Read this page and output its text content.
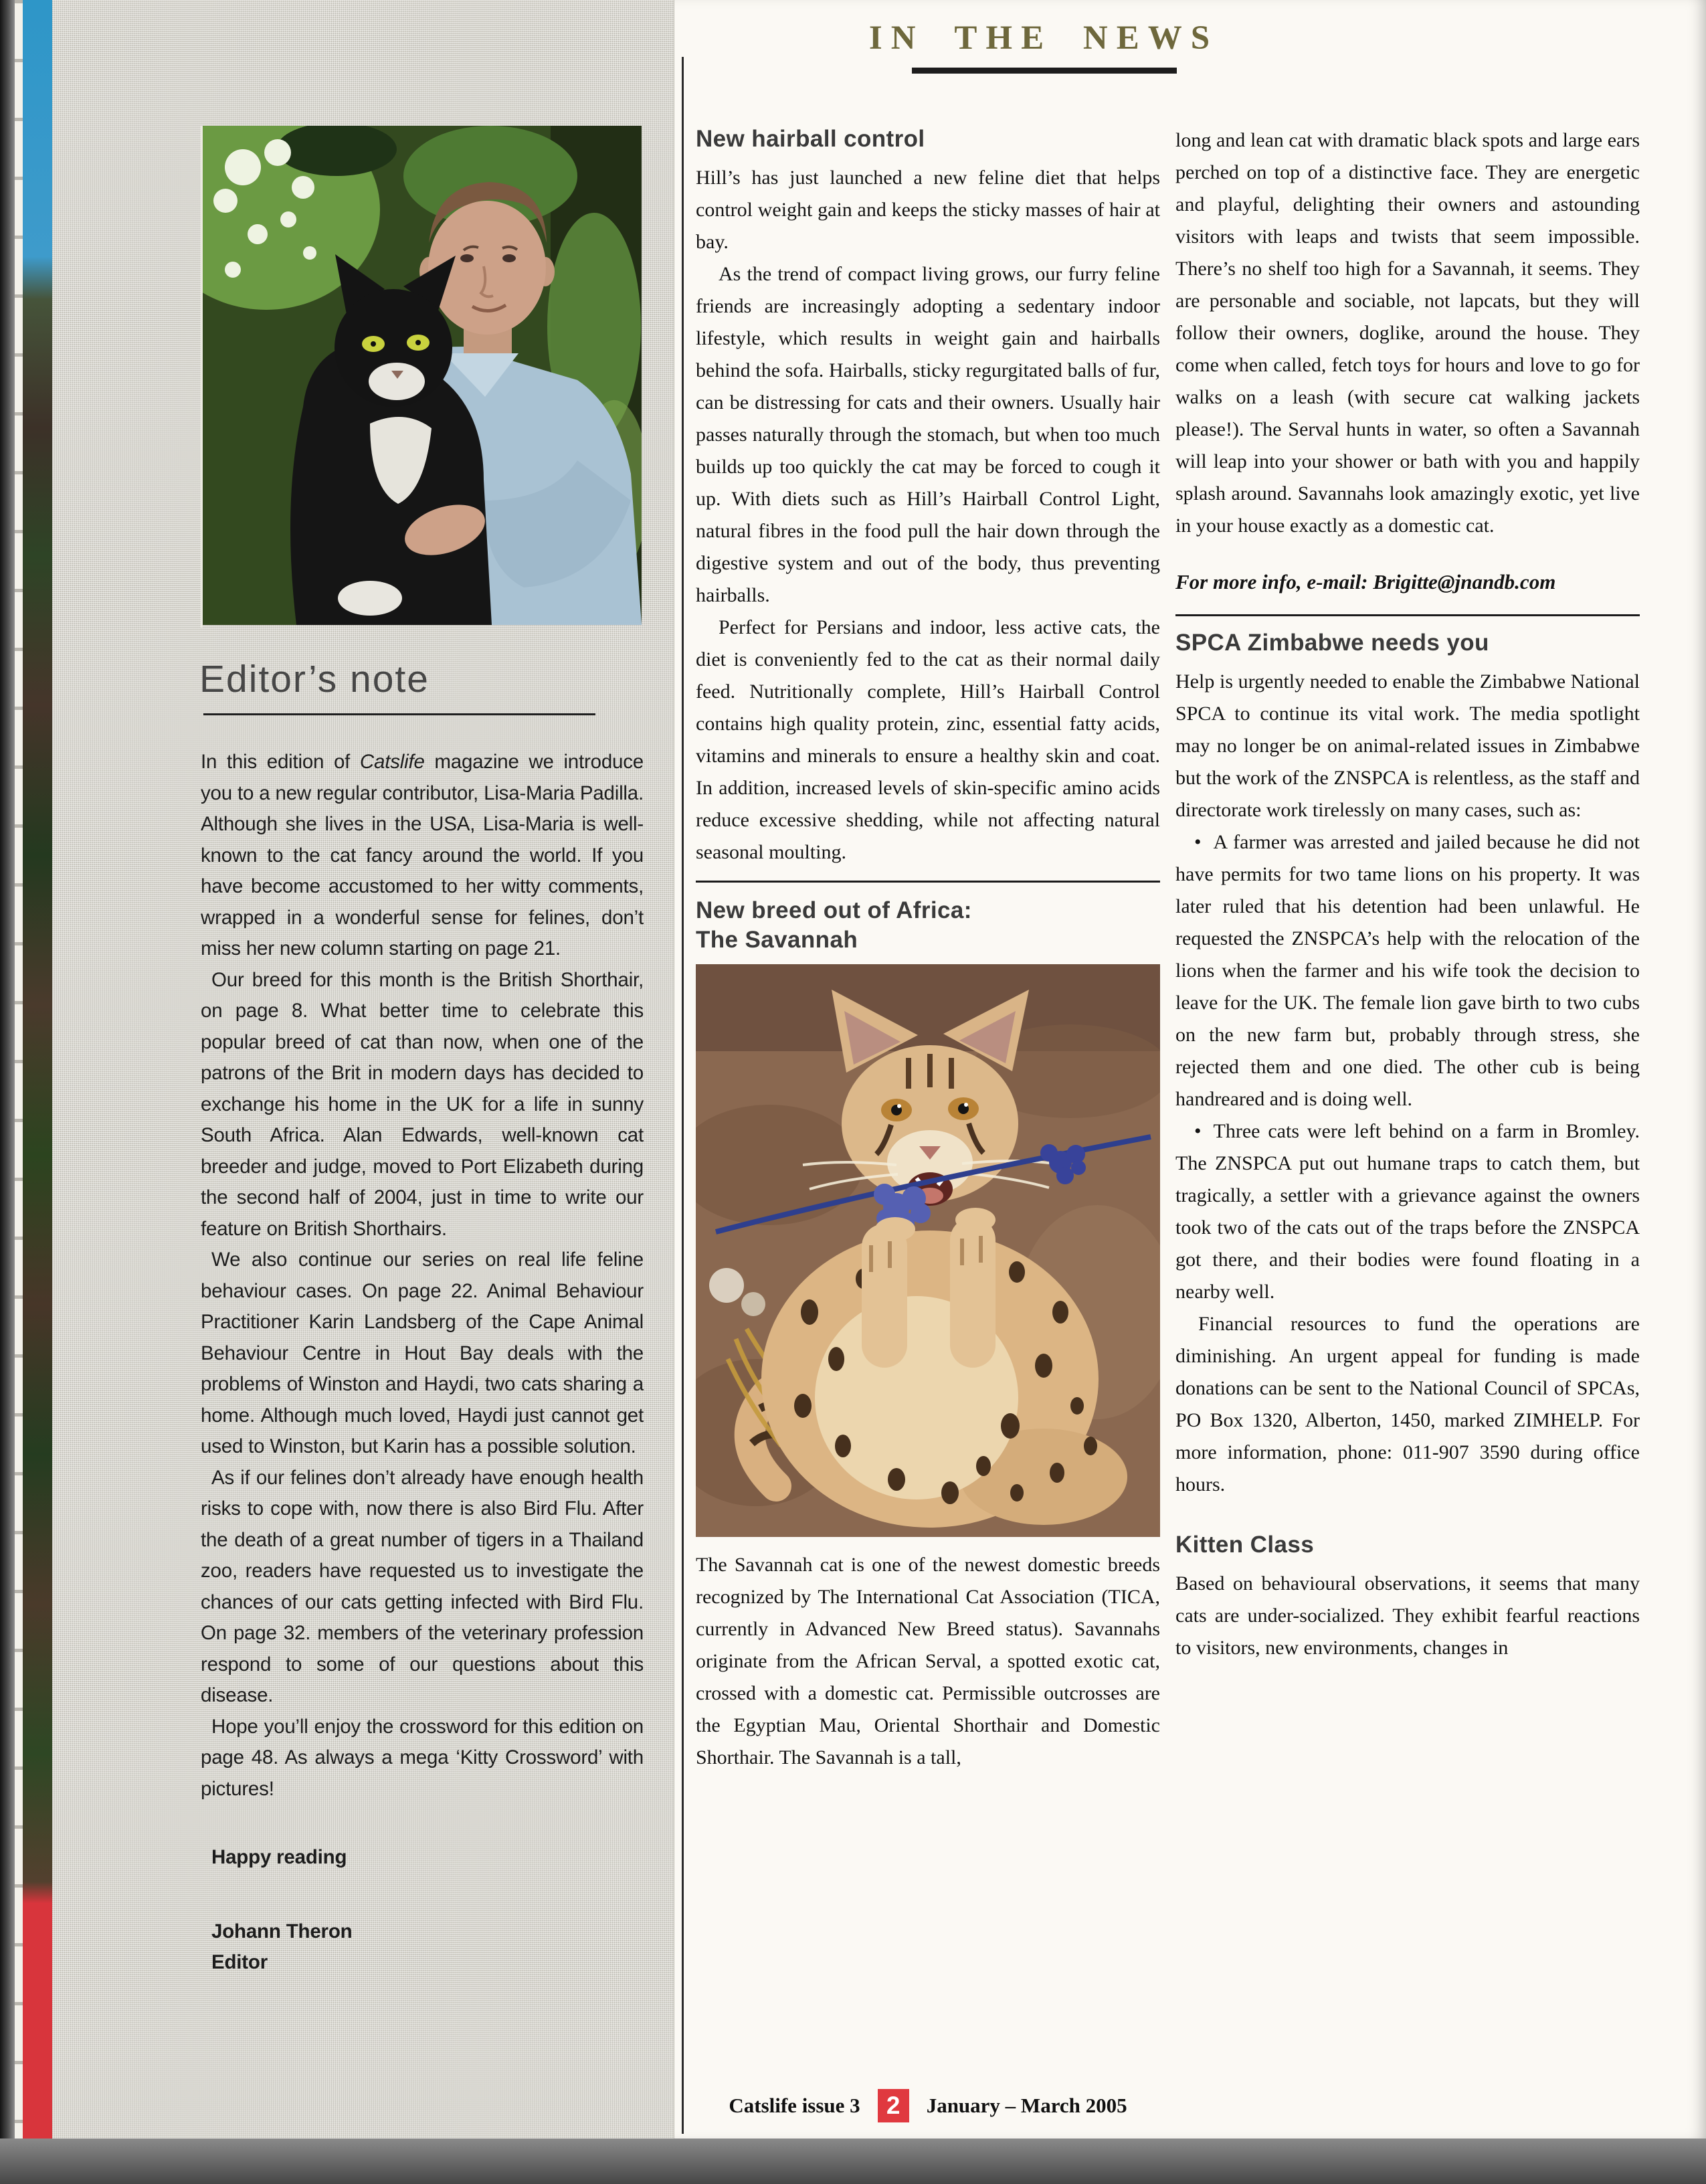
Editor’s note

In this edition of Catslife magazine we introduce you to a new regular contributor, Lisa-Maria Padilla. Although she lives in the USA, Lisa-Maria is well-known to the cat fancy around the world. If you have become accustomed to her witty comments, wrapped in a wonderful sense for felines, don’t miss her new column starting on page 21.

Our breed for this month is the British Shorthair, on page 8. What better time to celebrate this popular breed of cat than now, when one of the patrons of the Brit in modern days has decided to exchange his home in the UK for a life in sunny South Africa. Alan Edwards, well-known cat breeder and judge, moved to Port Elizabeth during the second half of 2004, just in time to write our feature on British Shorthairs.

We also continue our series on real life feline behaviour cases. On page 22. Animal Behaviour Practitioner Karin Landsberg of the Cape Animal Behaviour Centre in Hout Bay deals with the problems of Winston and Haydi, two cats sharing a home. Although much loved, Haydi just cannot get used to Winston, but Karin has a possible solution.

As if our felines don’t already have enough health risks to cope with, now there is also Bird Flu. After the death of a great number of tigers in a Thailand zoo, readers have requested us to investigate the chances of our cats getting infected with Bird Flu. On page 32. members of the veterinary profession respond to some of our questions about this disease.

Hope you’ll enjoy the crossword for this edition on page 48. As always a mega ‘Kitty Crossword’ with pictures!

Happy reading

Johann Theron

Editor

IN THE NEWS
New hairball control

Hill’s has just launched a new feline diet that helps control weight gain and keeps the sticky masses of hair at bay.

As the trend of compact living grows, our furry feline friends are increasingly adopting a sedentary indoor lifestyle, which results in weight gain and hairballs behind the sofa. Hairballs, sticky regurgitated balls of fur, can be distressing for cats and their owners. Usually hair passes naturally through the stomach, but when too much builds up too quickly the cat may be forced to cough it up. With diets such as Hill’s Hairball Control Light, natural fibres in the food pull the hair down through the digestive system and out of the body, thus preventing hairballs.

Perfect for Persians and indoor, less active cats, the diet is conveniently fed to the cat as their normal daily feed. Nutritionally complete, Hill’s Hairball Control contains high quality protein, zinc, essential fatty acids, vitamins and minerals to ensure a healthy skin and coat. In addition, increased levels of skin-specific amino acids reduce excessive shedding, while not affecting natural seasonal moulting.

New breed out of Africa:
The Savannah

The Savannah cat is one of the newest domestic breeds recognized by The International Cat Association (TICA, currently in Advanced New Breed status). Savannahs originate from the African Serval, a spotted exotic cat, crossed with a domestic cat. Permissible outcrosses are the Egyptian Mau, Oriental Shorthair and Domestic Shorthair. The Savannah is a tall,

long and lean cat with dramatic black spots and large ears perched on top of a distinctive face. They are energetic and playful, delighting their owners and astounding visitors with leaps and twists that seem impossible. There’s no shelf too high for a Savannah, it seems. They are personable and sociable, not lapcats, but they will follow their owners, doglike, around the house. They come when called, fetch toys for hours and love to go for walks on a leash (with secure cat walking jackets please!). The Serval hunts in water, so often a Savannah will leap into your shower or bath with you and happily splash around. Savannahs look amazingly exotic, yet live in your house exactly as a domestic cat.

For more info, e-mail: Brigitte@jnandb.com

SPCA Zimbabwe needs you

Help is urgently needed to enable the Zimbabwe National SPCA to continue its vital work. The media spotlight may no longer be on animal-related issues in Zimbabwe but the work of the ZNSPCA is relentless, as the staff and directorate work tirelessly on many cases, such as:

• A farmer was arrested and jailed because he did not have permits for two tame lions on his property. It was later ruled that his detention had been unlawful. He requested the ZNSPCA’s help with the relocation of the lions when the farmer and his wife took the decision to leave for the UK. The female lion gave birth to two cubs on the new farm but, probably through stress, she rejected them and one died. The other cub is being handreared and is doing well.

• Three cats were left behind on a farm in Bromley. The ZNSPCA put out humane traps to catch them, but tragically, a settler with a grievance against the owners took two of the cats out of the traps before the ZNSPCA got there, and their bodies were found floating in a nearby well.

Financial resources to fund the operations are diminishing. An urgent appeal for funding is made donations can be sent to the National Council of SPCAs, PO Box 1320, Alberton, 1450, marked ZIMHELP. For more information, phone: 011-907 3590 during office hours.

Kitten Class

Based on behavioural observations, it seems that many cats are under-socialized. They exhibit fearful reactions to visitors, new environments, changes in

Catslife issue 3	2	January – March 2005
